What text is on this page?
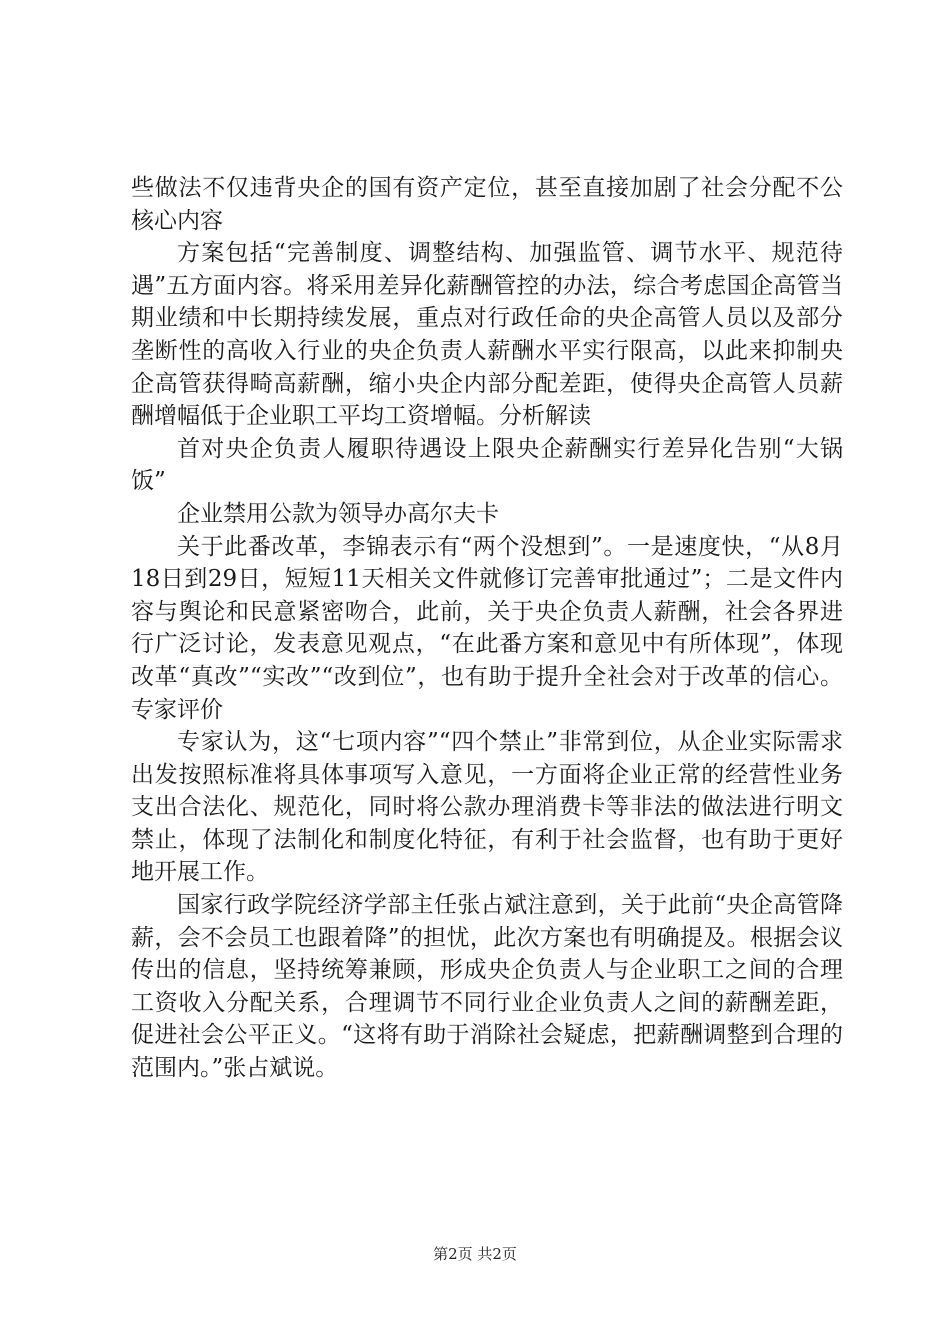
些做法不仅违背央企的国有资产定位，甚至直接加剧了社会分配不公核心内容

方案包括“完善制度、调整结构、加强监管、调节水平、规范待遇”五方面内容。将采用差异化薪酬管控的办法，综合考虑国企高管当期业绩和中长期持续发展，重点对行政任命的央企高管人员以及部分垄断性的高收入行业的央企负责人薪酬水平实行限高，以此来抑制央企高管获得畸高薪酬，缩小央企内部分配差距，使得央企高管人员薪酬增幅低于企业职工平均工资增幅。分析解读

首对央企负责人履职待遇设上限央企薪酬实行差异化告别“大锅饭”

企业禁用公款为领导办高尔夫卡

关于此番改革，李锦表示有“两个没想到”。一是速度快，“从8月18日到29日，短短11天相关文件就修订完善审批通过”；二是文件内容与舆论和民意紧密吻合，此前，关于央企负责人薪酬，社会各界进行广泛讨论，发表意见观点，“在此番方案和意见中有所体现”，体现改革“真改”“实改”“改到位”，也有助于提升全社会对于改革的信心。专家评价

专家认为，这“七项内容”“四个禁止”非常到位，从企业实际需求出发按照标准将具体事项写入意见，一方面将企业正常的经营性业务支出合法化、规范化，同时将公款办理消费卡等非法的做法进行明文禁止，体现了法制化和制度化特征，有利于社会监督，也有助于更好地开展工作。

国家行政学院经济学部主任张占斌注意到，关于此前“央企高管降薪，会不会员工也跟着降”的担忧，此次方案也有明确提及。根据会议传出的信息，坚持统筹兼顾，形成央企负责人与企业职工之间的合理工资收入分配关系，合理调节不同行业企业负责人之间的薪酬差距，促进社会公平正义。“这将有助于消除社会疑虑，把薪酬调整到合理的范围内。”张占斌说。

第2页 共2页
